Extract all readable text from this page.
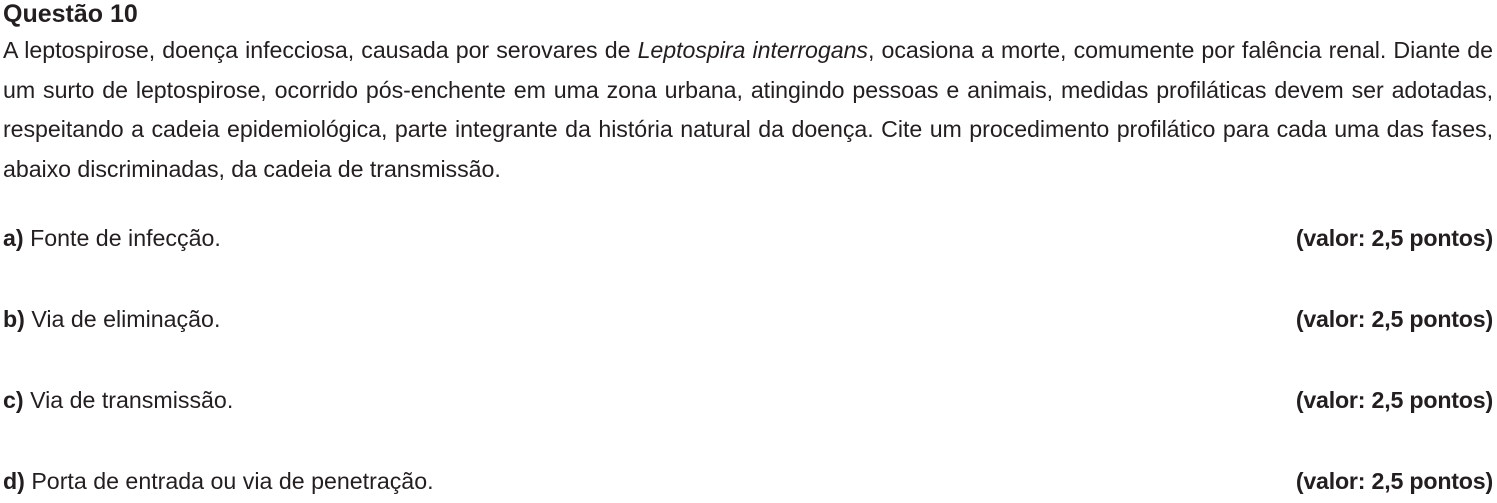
Questão 10

A leptospirose, doença infecciosa, causada por serovares de Leptospira interrogans, ocasiona a morte, comumente por falência renal. Diante de um surto de leptospirose, ocorrido pós-enchente em uma zona urbana, atingindo pessoas e animais, medidas profiláticas devem ser adotadas, respeitando a cadeia epidemiológica, parte integrante da história natural da doença. Cite um procedimento profilático para cada uma das fases, abaixo discriminadas, da cadeia de transmissão.

a) Fonte de infecção.	(valor: 2,5 pontos)
b) Via de eliminação.	(valor: 2,5 pontos)
c) Via de transmissão.	(valor: 2,5 pontos)
d) Porta de entrada ou via de penetração.	(valor: 2,5 pontos)
